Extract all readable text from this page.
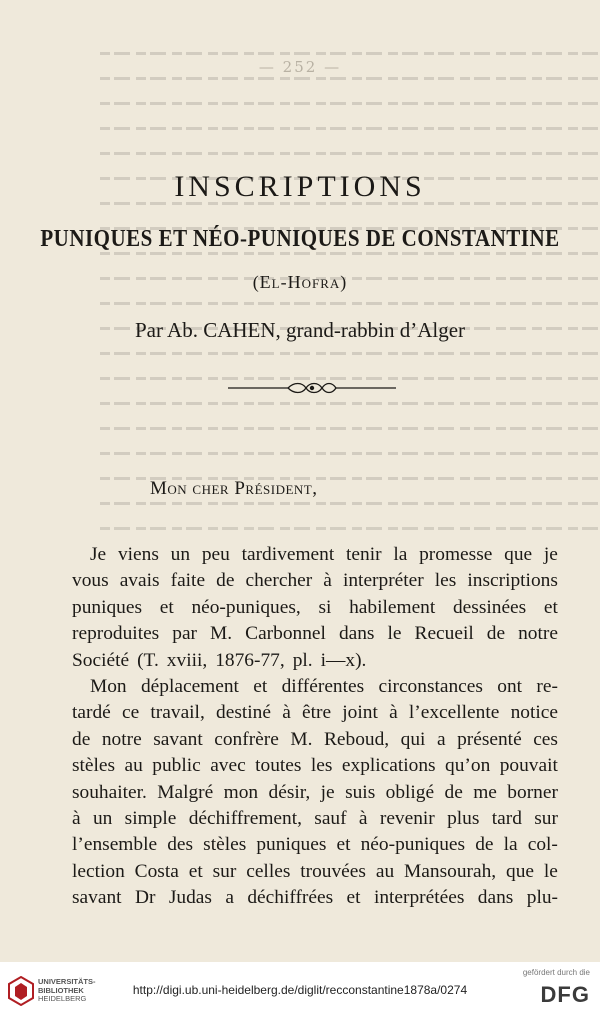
— 252 —
INSCRIPTIONS
PUNIQUES ET NÉO-PUNIQUES DE CONSTANTINE
(El-Hofra)
Par Ab. CAHEN, grand-rabbin d’Alger
Mon cher Président,
Je viens un peu tardivement tenir la promesse que je
vous avais faite de chercher à interpréter les inscriptions
puniques et néo-puniques, si habilement dessinées et
reproduites par M. Carbonnel dans le Recueil de notre
Société (T. xviii, 1876-77, pl. i—x).
Mon déplacement et différentes circonstances ont re-
tardé ce travail, destiné à être joint à l’excellente notice
de notre savant confrère M. Reboud, qui a présenté ces
stèles au public avec toutes les explications qu’on pouvait
souhaiter. Malgré mon désir, je suis obligé de me borner
à un simple déchiffrement, sauf à revenir plus tard sur
l’ensemble des stèles puniques et néo-puniques de la col-
lection Costa et sur celles trouvées au Mansourah, que le
savant Dr Judas a déchiffrées et interprétées dans plu-
UNIVERSITÄTS-
BIBLIOTHEK
HEIDELBERG
http://digi.ub.uni-heidelberg.de/diglit/recconstantine1878a/0274
gefördert durch die
DFG
